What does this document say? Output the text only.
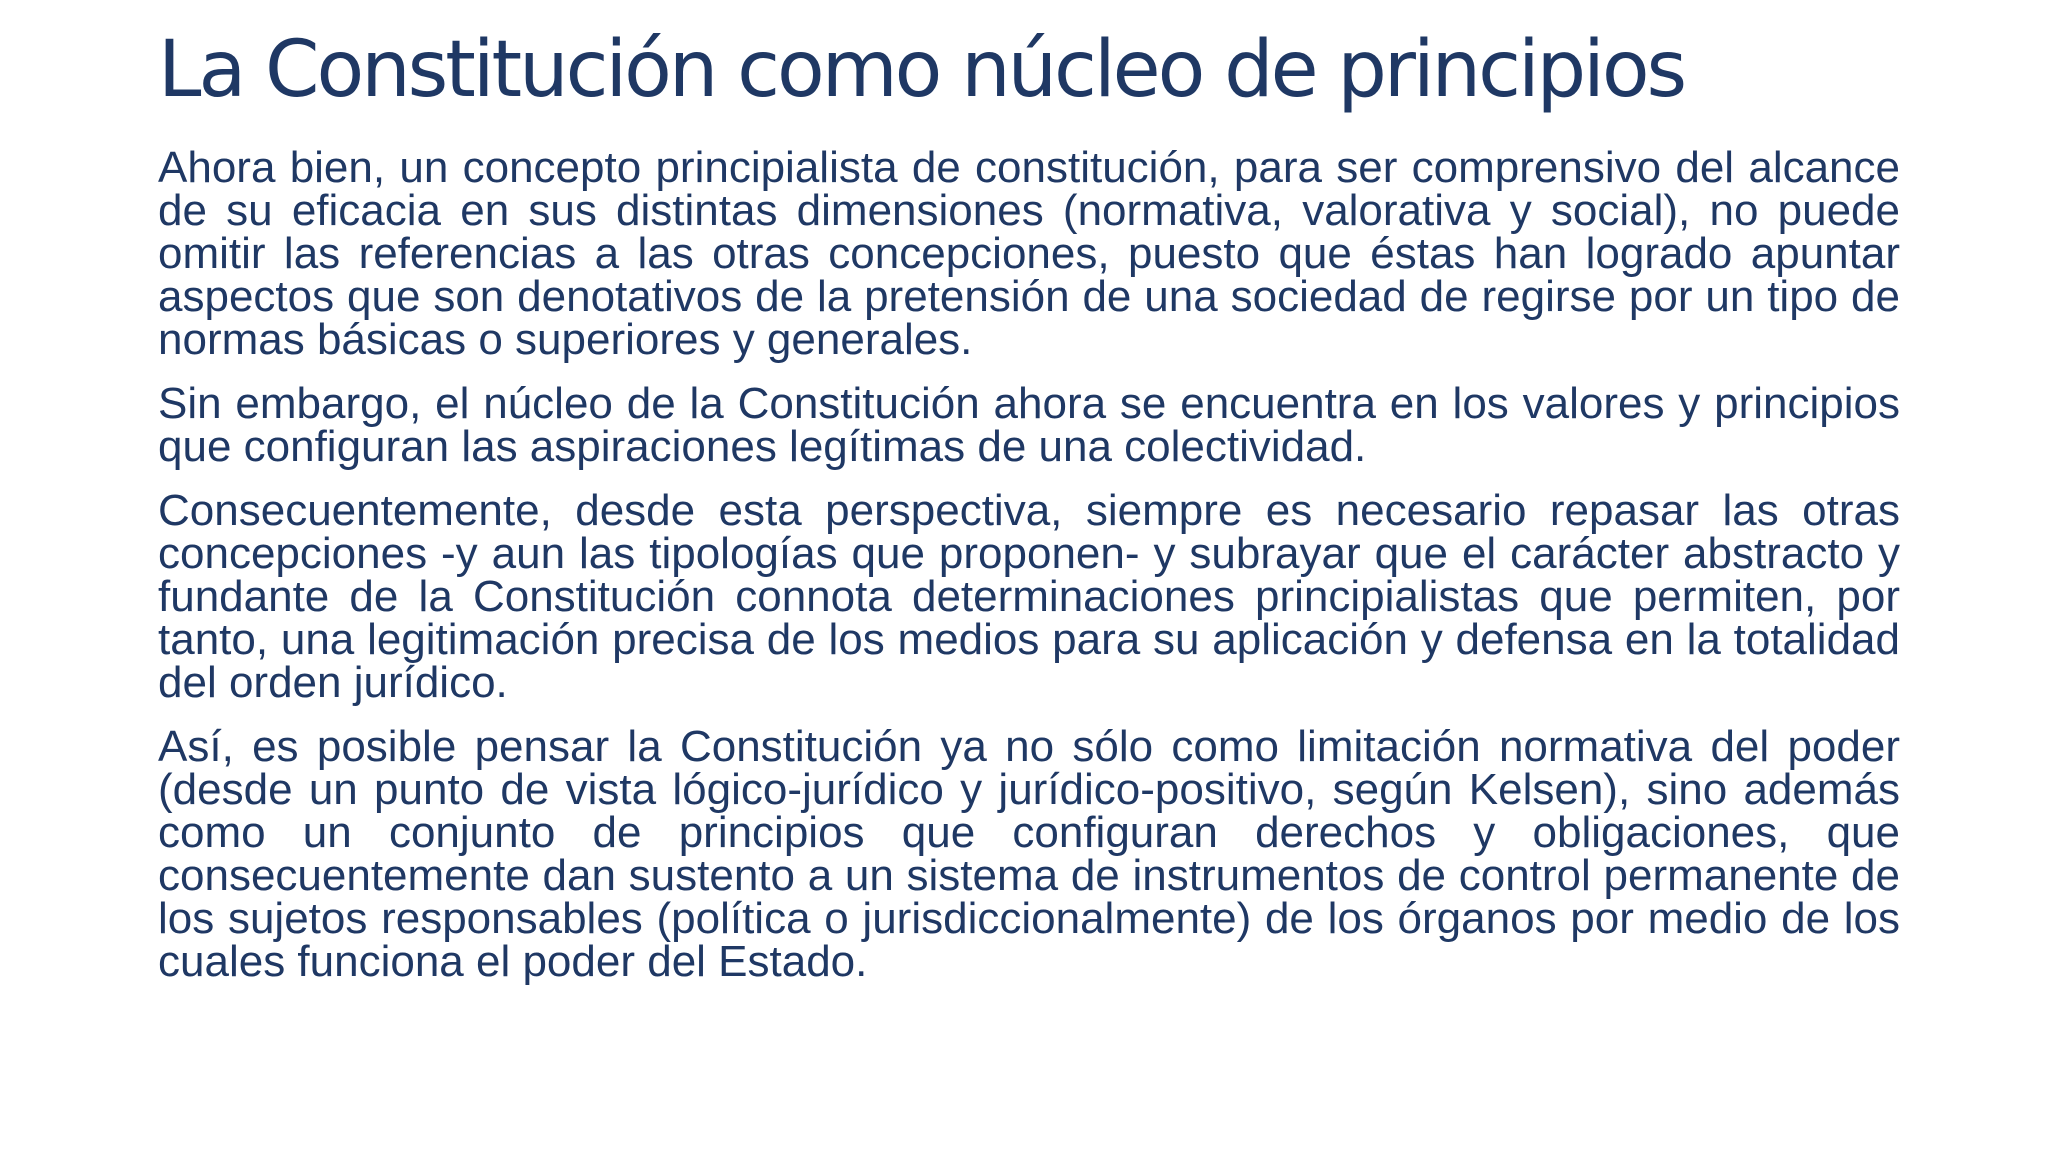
La Constitución como núcleo de principios

Ahora bien, un concepto principialista de constitución, para ser comprensivo del alcance de su eficacia en sus distintas dimensiones (normativa, valorativa y social), no puede omitir las referencias a las otras concepciones, puesto que éstas han logrado apuntar aspectos que son denotativos de la pretensión de una sociedad de regirse por un tipo de normas básicas o superiores y generales.

Sin embargo, el núcleo de la Constitución ahora se encuentra en los valores y principios que configuran las aspiraciones legítimas de una colectividad.

Consecuentemente, desde esta perspectiva, siempre es necesario repasar las otras concepciones -y aun las tipologías que proponen- y subrayar que el carácter abstracto y fundante de la Constitución connota determinaciones principialistas que permiten, por tanto, una legitimación precisa de los medios para su aplicación y defensa en la totalidad del orden jurídico.

Así, es posible pensar la Constitución ya no sólo como limitación normativa del poder (desde un punto de vista lógico-jurídico y jurídico-positivo, según Kelsen), sino además como un conjunto de principios que configuran derechos y obligaciones, que consecuentemente dan sustento a un sistema de instrumentos de control permanente de los sujetos responsables (política o jurisdiccionalmente) de los órganos por medio de los cuales funciona el poder del Estado.
